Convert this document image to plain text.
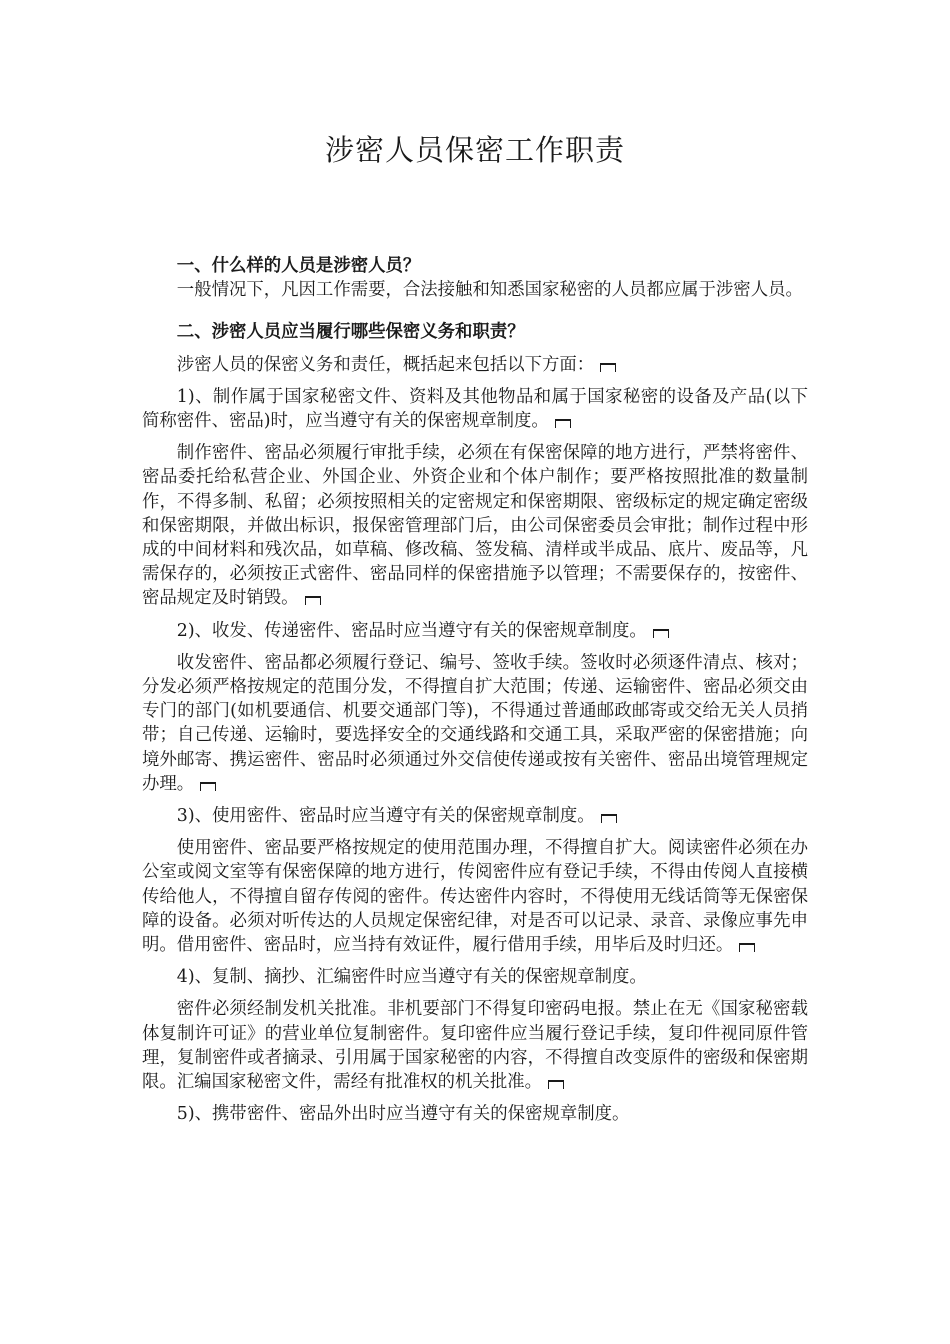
涉密人员保密工作职责
一、什么样的人员是涉密人员？

一般情况下，凡因工作需要，合法接触和知悉国家秘密的人员都应属于涉密人员。

二、涉密人员应当履行哪些保密义务和职责？

涉密人员的保密义务和责任，概括起来包括以下方面：

1)、制作属于国家秘密文件、资料及其他物品和属于国家秘密的设备及产品(以下简称密件、密品)时，应当遵守有关的保密规章制度。

制作密件、密品必须履行审批手续，必须在有保密保障的地方进行，严禁将密件、密品委托给私营企业、外国企业、外资企业和个体户制作；要严格按照批准的数量制作，不得多制、私留；必须按照相关的定密规定和保密期限、密级标定的规定确定密级和保密期限，并做出标识，报保密管理部门后，由公司保密委员会审批；制作过程中形成的中间材料和残次品，如草稿、修改稿、签发稿、清样或半成品、底片、废品等，凡需保存的，必须按正式密件、密品同样的保密措施予以管理；不需要保存的，按密件、密品规定及时销毁。

2)、收发、传递密件、密品时应当遵守有关的保密规章制度。

收发密件、密品都必须履行登记、编号、签收手续。签收时必须逐件清点、核对；分发必须严格按规定的范围分发，不得擅自扩大范围；传递、运输密件、密品必须交由专门的部门(如机要通信、机要交通部门等)，不得通过普通邮政邮寄或交给无关人员捎带；自己传递、运输时，要选择安全的交通线路和交通工具，采取严密的保密措施；向境外邮寄、携运密件、密品时必须通过外交信使传递或按有关密件、密品出境管理规定办理。

3)、使用密件、密品时应当遵守有关的保密规章制度。

使用密件、密品要严格按规定的使用范围办理，不得擅自扩大。阅读密件必须在办公室或阅文室等有保密保障的地方进行，传阅密件应有登记手续，不得由传阅人直接横传给他人，不得擅自留存传阅的密件。传达密件内容时，不得使用无线话筒等无保密保障的设备。必须对听传达的人员规定保密纪律，对是否可以记录、录音、录像应事先申明。借用密件、密品时，应当持有效证件，履行借用手续，用毕后及时归还。

4)、复制、摘抄、汇编密件时应当遵守有关的保密规章制度。

密件必须经制发机关批准。非机要部门不得复印密码电报。禁止在无《国家秘密载体复制许可证》的营业单位复制密件。复印密件应当履行登记手续，复印件视同原件管理，复制密件或者摘录、引用属于国家秘密的内容，不得擅自改变原件的密级和保密期限。汇编国家秘密文件，需经有批准权的机关批准。

5)、携带密件、密品外出时应当遵守有关的保密规章制度。
